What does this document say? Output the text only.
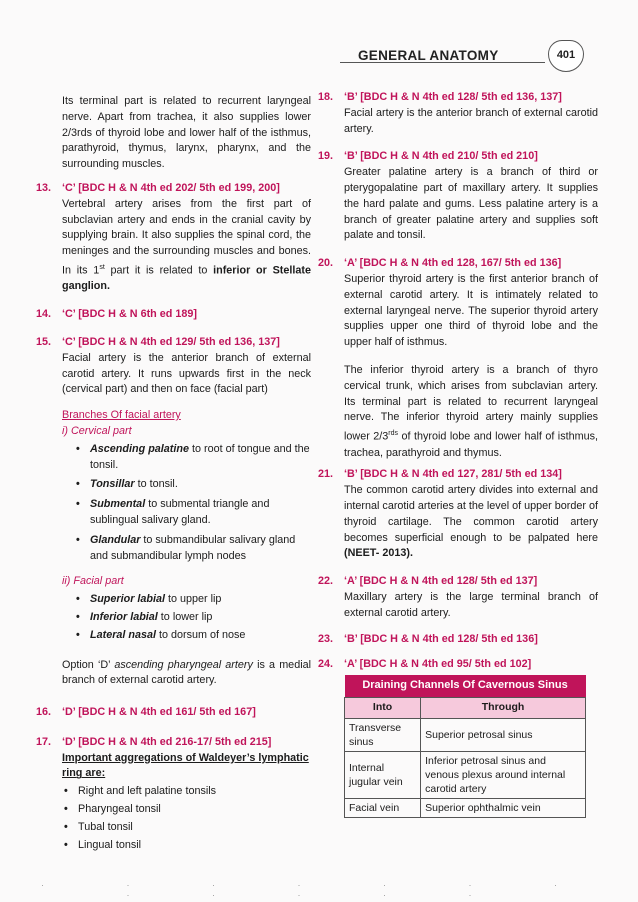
GENERAL ANATOMY	401
Its terminal part is related to recurrent laryngeal nerve. Apart from trachea, it also supplies lower 2/3rds of thyroid lobe and lower half of the isthmus, parathyroid, thymus, larynx, pharynx, and the surrounding muscles.
13. ‘C’ [BDC H & N 4th ed 202/ 5th ed 199, 200]
Vertebral artery arises from the first part of subclavian artery and ends in the cranial cavity by supplying brain. It also supplies the spinal cord, the meninges and the surrounding muscles and bones. In its 1st part it is related to inferior or Stellate ganglion.
14. ‘C’ [BDC H & N 6th ed 189]
15. ‘C’ [BDC H & N 4th ed 129/ 5th ed 136, 137]
Facial artery is the anterior branch of external carotid artery. It runs upwards first in the neck (cervical part) and then on face (facial part)
Branches Of facial artery
i) Cervical part
• Ascending palatine to root of tongue and the tonsil.
• Tonsillar to tonsil.
• Submental to submental triangle and sublingual salivary gland.
• Glandular to submandibular salivary gland and submandibular lymph nodes
ii) Facial part
• Superior labial to upper lip
• Inferior labial to lower lip
• Lateral nasal to dorsum of nose
Option ‘D’ ascending pharyngeal artery is a medial branch of external carotid artery.
16. ‘D’ [BDC H & N 4th ed 161/ 5th ed 167]
17. ‘D’ [BDC H & N 4th ed 216-17/ 5th ed 215]
Important aggregations of Waldeyer’s lymphatic ring are:
• Right and left palatine tonsils
• Pharyngeal tonsil
• Tubal tonsil
• Lingual tonsil
18. ‘B’ [BDC H & N 4th ed 128/ 5th ed 136, 137]
Facial artery is the anterior branch of external carotid artery.
19. ‘B’ [BDC H & N 4th ed 210/ 5th ed 210]
Greater palatine artery is a branch of third or pterygopalatine part of maxillary artery. It supplies the hard palate and gums. Less palatine artery is a branch of greater palatine artery and supplies soft palate and tonsil.
20. ‘A’ [BDC H & N 4th ed 128, 167/ 5th ed 136]
Superior thyroid artery is the first anterior branch of external carotid artery. It is intimately related to external laryngeal nerve. The superior thyroid artery supplies upper one third of thyroid lobe and the upper half of isthmus.
The inferior thyroid artery is a branch of thyro cervical trunk, which arises from subclavian artery. Its terminal part is related to recurrent laryngeal nerve. The inferior thyroid artery mainly supplies lower $2/3^{rds}$ of thyroid lobe and lower half of isthmus, trachea, parathyroid and thymus.
21. ‘B’ [BDC H & N 4th ed 127, 281/ 5th ed 134]
The common carotid artery divides into external and internal carotid arteries at the level of upper border of thyroid cartilage. The common carotid artery becomes superficial enough to be palpated here (NEET- 2013).
22. ‘A’ [BDC H & N 4th ed 128/ 5th ed 137]
Maxillary artery is the large terminal branch of external carotid artery.
23. ‘B’ [BDC H & N 4th ed 128/ 5th ed 136]
24. ‘A’ [BDC H & N 4th ed 95/ 5th ed 102]
Draining Channels Of Cavernous Sinus	
Into	Through
Transverse sinus	Superior petrosal sinus
Internal jugular vein	Inferior petrosal sinus and venous plexus around internal carotid artery
Facial vein	Superior ophthalmic vein
· · · · · · · · · · · ·
